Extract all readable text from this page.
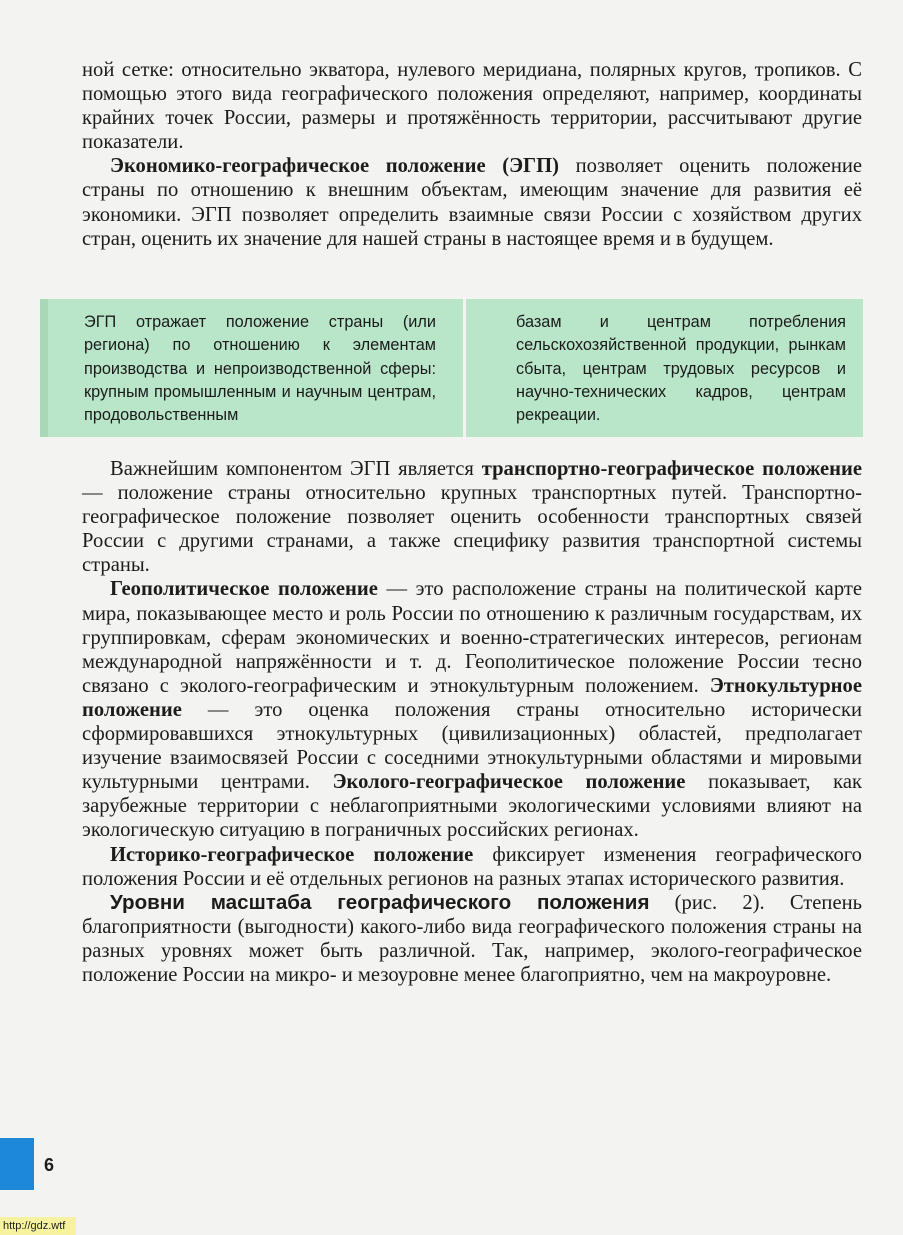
ной сетке: относительно экватора, нулевого меридиана, полярных кругов, тропиков. С помощью этого вида географического положения определяют, например, координаты крайних точек России, размеры и протяжённость территории, рассчитывают другие показатели.

Экономико-географическое положение (ЭГП) позволяет оценить положение страны по отношению к внешним объектам, имеющим значение для развития её экономики. ЭГП позволяет определить взаимные связи России с хозяйством других стран, оценить их значение для нашей страны в настоящее время и в будущем.

ЭГП отражает положение страны (или региона) по отношению к элементам производства и непроизводственной сферы: крупным промышленным и научным центрам, продовольственным
базам и центрам потребления сельскохозяйственной продукции, рынкам сбыта, центрам трудовых ресурсов и научно-технических кадров, центрам рекреации.

Важнейшим компонентом ЭГП является транспортно-географическое положение — положение страны относительно крупных транспортных путей. Транспортно-географическое положение позволяет оценить особенности транспортных связей России с другими странами, а также специфику развития транспортной системы страны.

Геополитическое положение — это расположение страны на политической карте мира, показывающее место и роль России по отношению к различным государствам, их группировкам, сферам экономических и военно-стратегических интересов, регионам международной напряжённости и т. д. Геополитическое положение России тесно связано с эколого-географическим и этнокультурным положением. Этнокультурное положение — это оценка положения страны относительно исторически сформировавшихся этнокультурных (цивилизационных) областей, предполагает изучение взаимосвязей России с соседними этнокультурными областями и мировыми культурными центрами. Эколого-географическое положение показывает, как зарубежные территории с неблагоприятными экологическими условиями влияют на экологическую ситуацию в пограничных российских регионах.

Историко-географическое положение фиксирует изменения географического положения России и её отдельных регионов на разных этапах исторического развития.

Уровни масштаба географического положения (рис. 2). Степень благоприятности (выгодности) какого-либо вида географического положения страны на разных уровнях может быть различной. Так, например, эколого-географическое положение России на микро- и мезоуровне менее благоприятно, чем на макроуровне.

6
http://gdz.wtf
